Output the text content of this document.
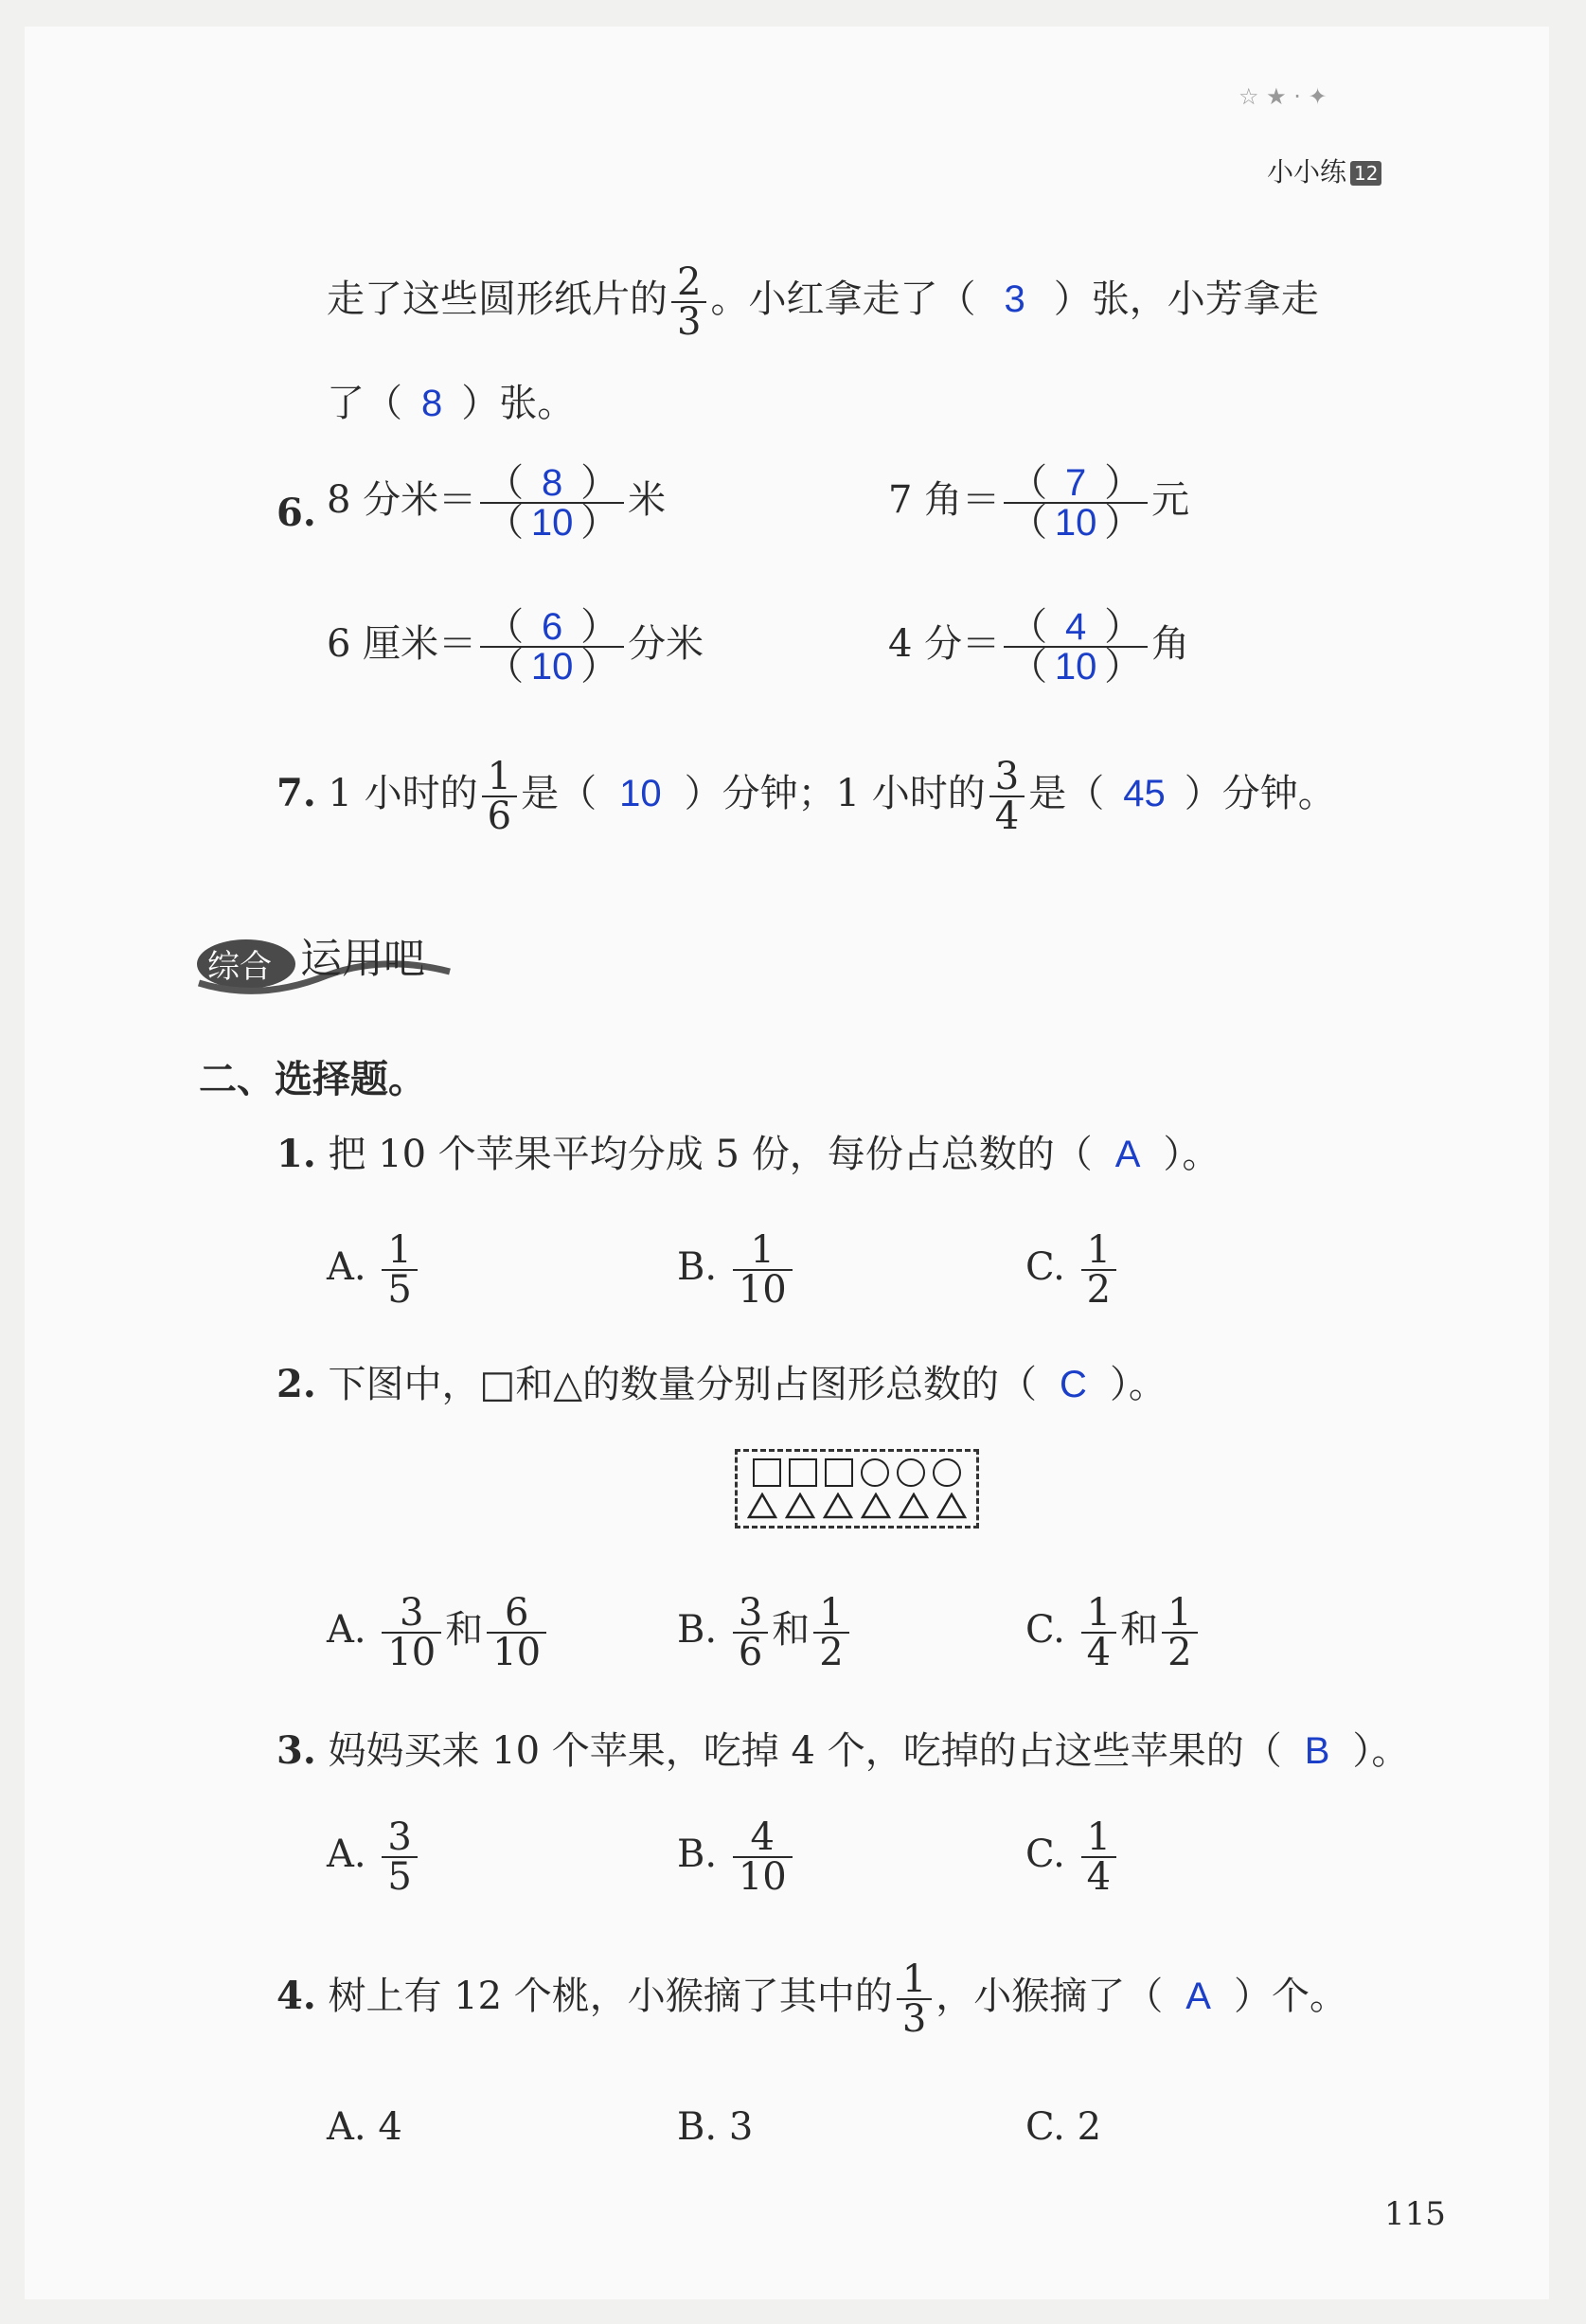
☆ ★ · ✦
小小练 12
走了这些圆形纸片的 $\frac{2}{3}$ 。小红拿走了（ 3 ）张，小芳拿走
了（ 8 ）张。
6. 8 分米＝ $\frac{( 8 )}{( 10 )}$ 米	7 角＝ $\frac{( 7 )}{( 10 )}$ 元
6 厘米＝ $\frac{( 6 )}{( 10 )}$ 分米	4 分＝ $\frac{( 4 )}{( 10 )}$ 角
7. 1 小时的 $\frac{1}{6}$ 是（ 10 ）分钟；1 小时的 $\frac{3}{4}$ 是（ 45 ）分钟。
综合 运用吧
二、选择题。
1. 把 10 个苹果平均分成 5 份，每份占总数的（ A ）。
A. $\frac{1}{5}$	B. $\frac{1}{10}$	C. $\frac{1}{2}$
2. 下图中，□和△的数量分别占图形总数的（ C ）。
A. $\frac{3}{10}$ 和 $\frac{6}{10}$	B. $\frac{3}{6}$ 和 $\frac{1}{2}$	C. $\frac{1}{4}$ 和 $\frac{1}{2}$
3. 妈妈买来 10 个苹果，吃掉 4 个，吃掉的占这些苹果的（ B ）。
A. $\frac{3}{5}$	B. $\frac{4}{10}$	C. $\frac{1}{4}$
4. 树上有 12 个桃，小猴摘了其中的 $\frac{1}{3}$ ，小猴摘了（ A ）个。
A. 4	B. 3	C. 2
115
